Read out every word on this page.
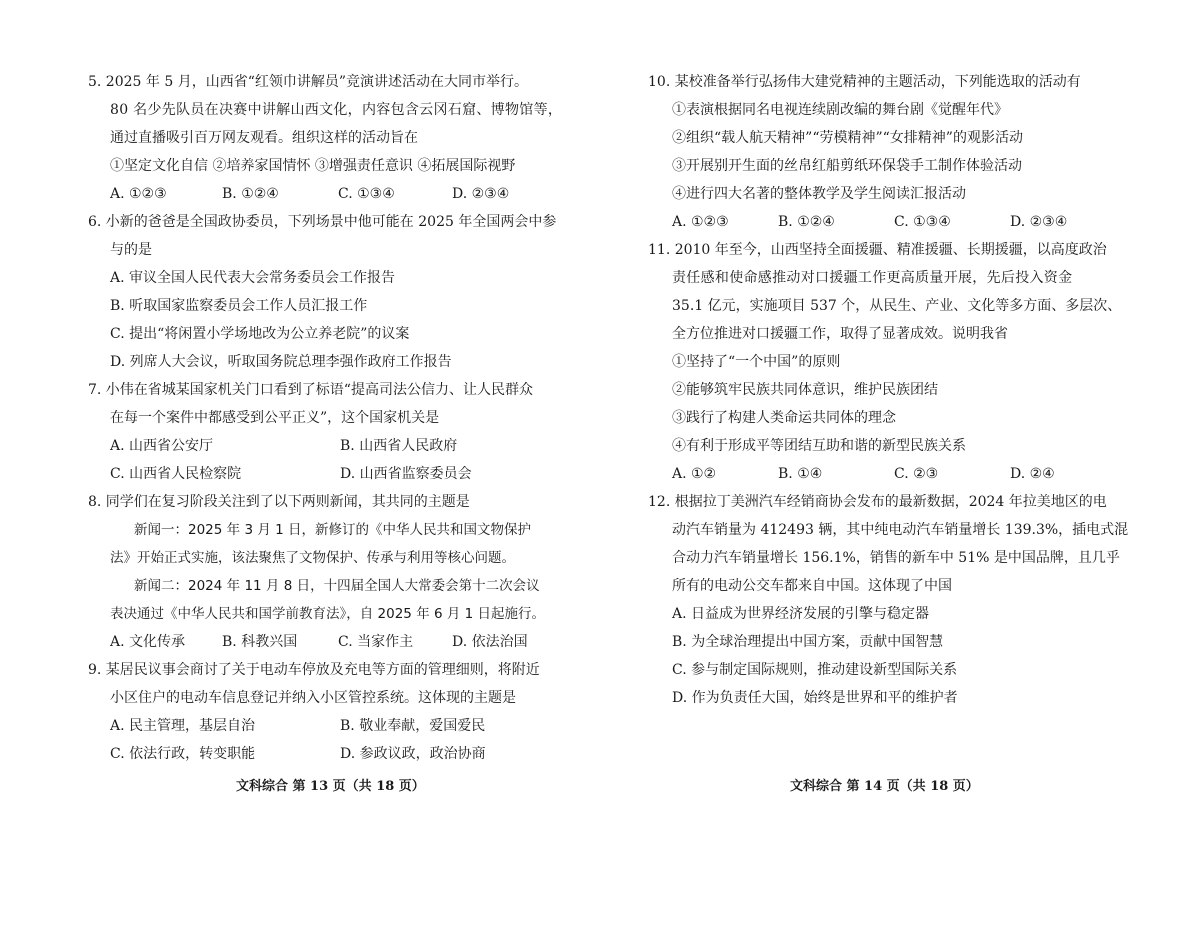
5. 2025 年 5 月，山西省“红领巾讲解员”竞演讲述活动在大同市举行。
80 名少先队员在决赛中讲解山西文化，内容包含云冈石窟、博物馆等，
通过直播吸引百万网友观看。组织这样的活动旨在
①坚定文化自信 ②培养家国情怀 ③增强责任意识 ④拓展国际视野
A. ①②③	B. ①②④	C. ①③④	D. ②③④
6. 小新的爸爸是全国政协委员，下列场景中他可能在 2025 年全国两会中参
与的是
A. 审议全国人民代表大会常务委员会工作报告
B. 听取国家监察委员会工作人员汇报工作
C. 提出“将闲置小学场地改为公立养老院”的议案
D. 列席人大会议，听取国务院总理李强作政府工作报告
7. 小伟在省城某国家机关门口看到了标语“提高司法公信力、让人民群众
在每一个案件中都感受到公平正义”，这个国家机关是
A. 山西省公安厅	B. 山西省人民政府
C. 山西省人民检察院	D. 山西省监察委员会
8. 同学们在复习阶段关注到了以下两则新闻，其共同的主题是
新闻一：2025 年 3 月 1 日，新修订的《中华人民共和国文物保护
法》开始正式实施，该法聚焦了文物保护、传承与利用等核心问题。
新闻二：2024 年 11 月 8 日，十四届全国人大常委会第十二次会议
表决通过《中华人民共和国学前教育法》，自 2025 年 6 月 1 日起施行。
A. 文化传承	B. 科教兴国	C. 当家作主	D. 依法治国
9. 某居民议事会商讨了关于电动车停放及充电等方面的管理细则，将附近
小区住户的电动车信息登记并纳入小区管控系统。这体现的主题是
A. 民主管理，基层自治	B. 敬业奉献，爱国爱民
C. 依法行政，转变职能	D. 参政议政，政治协商
文科综合 第 13 页（共 18 页）
10. 某校准备举行弘扬伟大建党精神的主题活动，下列能选取的活动有
①表演根据同名电视连续剧改编的舞台剧《觉醒年代》
②组织“载人航天精神”“劳模精神”“女排精神”的观影活动
③开展别开生面的丝帛红船剪纸环保袋手工制作体验活动
④进行四大名著的整体教学及学生阅读汇报活动
A. ①②③	B. ①②④	C. ①③④	D. ②③④
11. 2010 年至今，山西坚持全面援疆、精准援疆、长期援疆，以高度政治
责任感和使命感推动对口援疆工作更高质量开展，先后投入资金
35.1 亿元，实施项目 537 个，从民生、产业、文化等多方面、多层次、
全方位推进对口援疆工作，取得了显著成效。说明我省
①坚持了“一个中国”的原则
②能够筑牢民族共同体意识，维护民族团结
③践行了构建人类命运共同体的理念
④有利于形成平等团结互助和谐的新型民族关系
A. ①②	B. ①④	C. ②③	D. ②④
12. 根据拉丁美洲汽车经销商协会发布的最新数据，2024 年拉美地区的电
动汽车销量为 412493 辆，其中纯电动汽车销量增长 139.3%，插电式混
合动力汽车销量增长 156.1%，销售的新车中 51% 是中国品牌，且几乎
所有的电动公交车都来自中国。这体现了中国
A. 日益成为世界经济发展的引擎与稳定器
B. 为全球治理提出中国方案，贡献中国智慧
C. 参与制定国际规则，推动建设新型国际关系
D. 作为负责任大国，始终是世界和平的维护者
文科综合 第 14 页（共 18 页）
